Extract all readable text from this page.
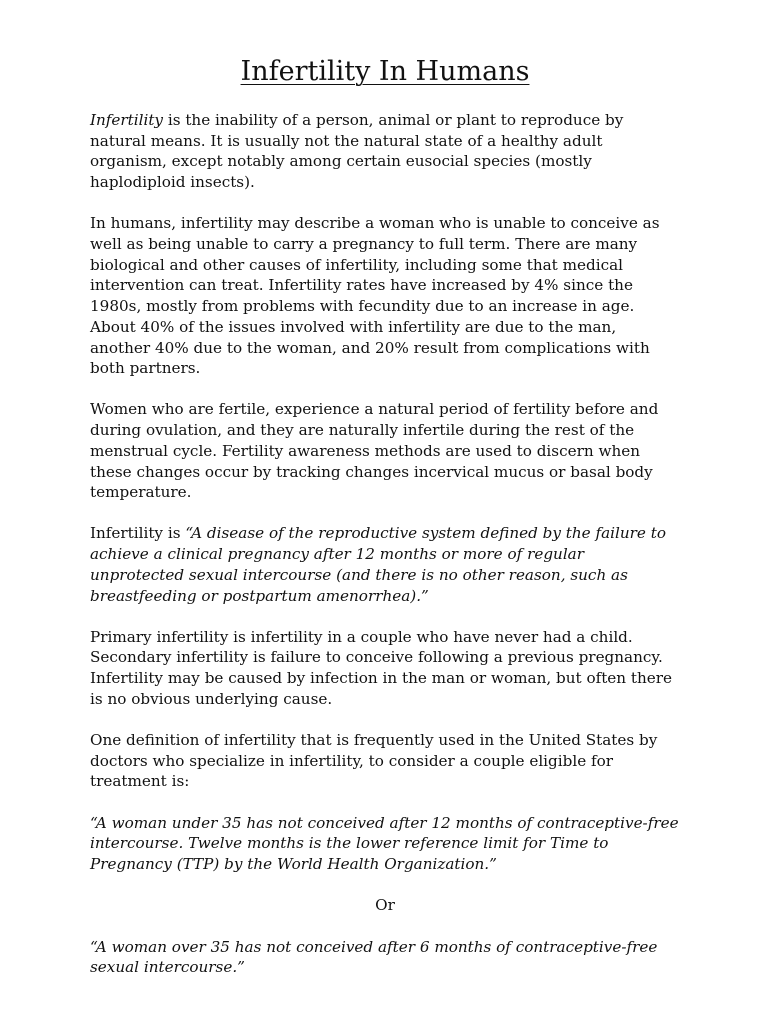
Infertility In Humans

Infertility is the inability of a person, animal or plant to reproduce by natural means. It is usually not the natural state of a healthy adult organism, except notably among certain eusocial species (mostly haplodiploid insects).

In humans, infertility may describe a woman who is unable to conceive as well as being unable to carry a pregnancy to full term. There are many biological and other causes of infertility, including some that medical intervention can treat. Infertility rates have increased by 4% since the 1980s, mostly from problems with fecundity due to an increase in age. About 40% of the issues involved with infertility are due to the man, another 40% due to the woman, and 20% result from complications with both partners.

Women who are fertile, experience a natural period of fertility before and during ovulation, and they are naturally infertile during the rest of the menstrual cycle. Fertility awareness methods are used to discern when these changes occur by tracking changes incervical mucus or basal body temperature.

Infertility is “A disease of the reproductive system defined by the failure to achieve a clinical pregnancy after 12 months or more of regular unprotected sexual intercourse (and there is no other reason, such as breastfeeding or postpartum amenorrhea).”

Primary infertility is infertility in a couple who have never had a child. Secondary infertility is failure to conceive following a previous pregnancy. Infertility may be caused by infection in the man or woman, but often there is no obvious underlying cause.

One definition of infertility that is frequently used in the United States by doctors who specialize in infertility, to consider a couple eligible for treatment is:

“A woman under 35 has not conceived after 12 months of contraceptive-free intercourse. Twelve months is the lower reference limit for Time to Pregnancy (TTP) by the World Health Organization.”

Or

“A woman over 35 has not conceived after 6 months of contraceptive-free sexual intercourse.”
